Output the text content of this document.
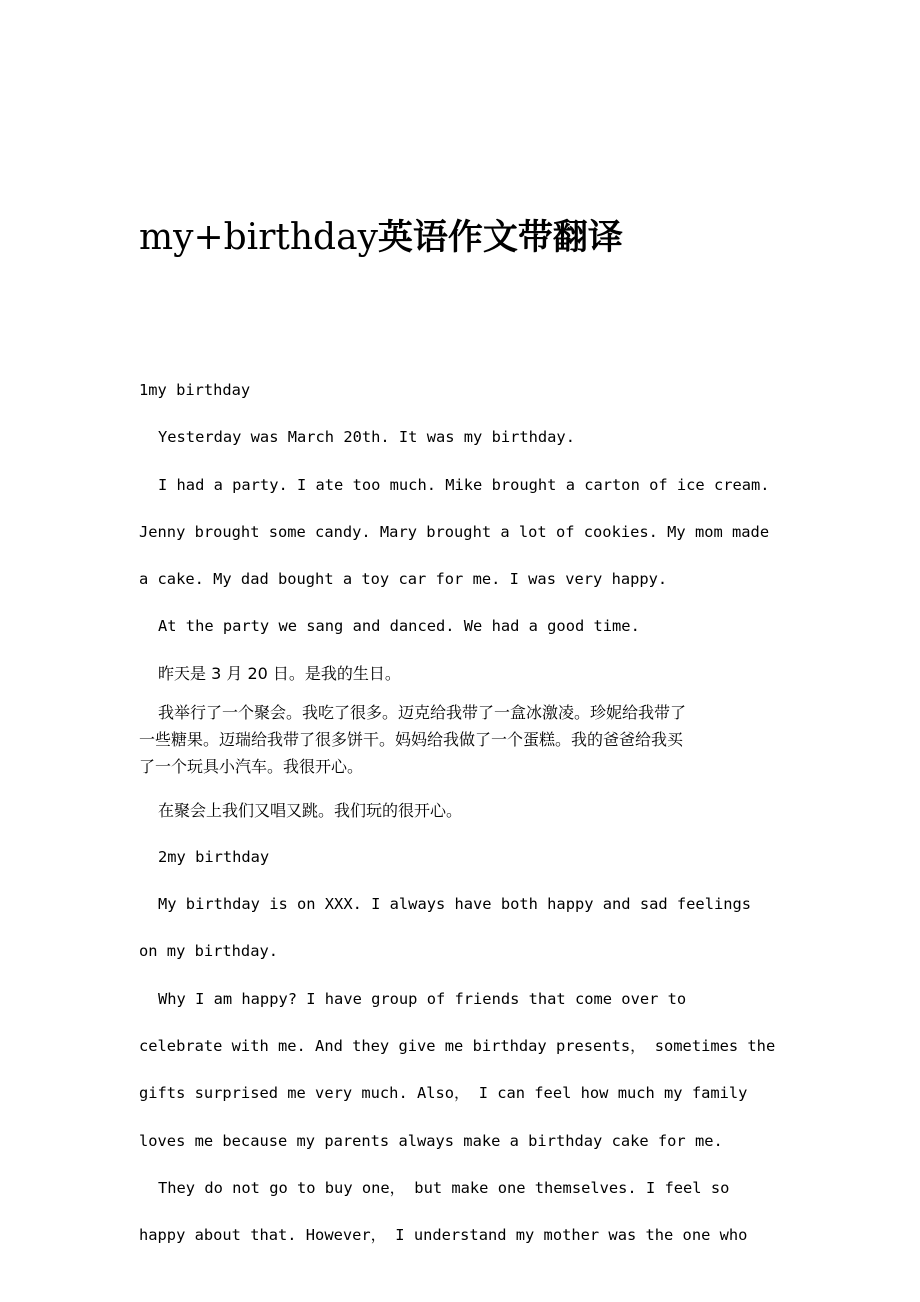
my+birthday英语作文带翻译
1my birthday
Yesterday was March 20th. It was my birthday.
I had a party. I ate too much. Mike brought a carton of ice cream.
Jenny brought some candy. Mary brought a lot of cookies. My mom made
a cake. My dad bought a toy car for me. I was very happy.
At the party we sang and danced. We had a good time.
昨天是 3 月 20 日。是我的生日。
我举行了一个聚会。我吃了很多。迈克给我带了一盒冰激凌。珍妮给我带了
一些糖果。迈瑞给我带了很多饼干。妈妈给我做了一个蛋糕。我的爸爸给我买
了一个玩具小汽车。我很开心。
在聚会上我们又唱又跳。我们玩的很开心。
2my birthday
My birthday is on XXX. I always have both happy and sad feelings
on my birthday.
Why I am happy? I have group of friends that come over to
celebrate with me. And they give me birthday presents， sometimes the
gifts surprised me very much. Also， I can feel how much my family
loves me because my parents always make a birthday cake for me.
They do not go to buy one， but make one themselves. I feel so
happy about that. However， I understand my mother was the one who
